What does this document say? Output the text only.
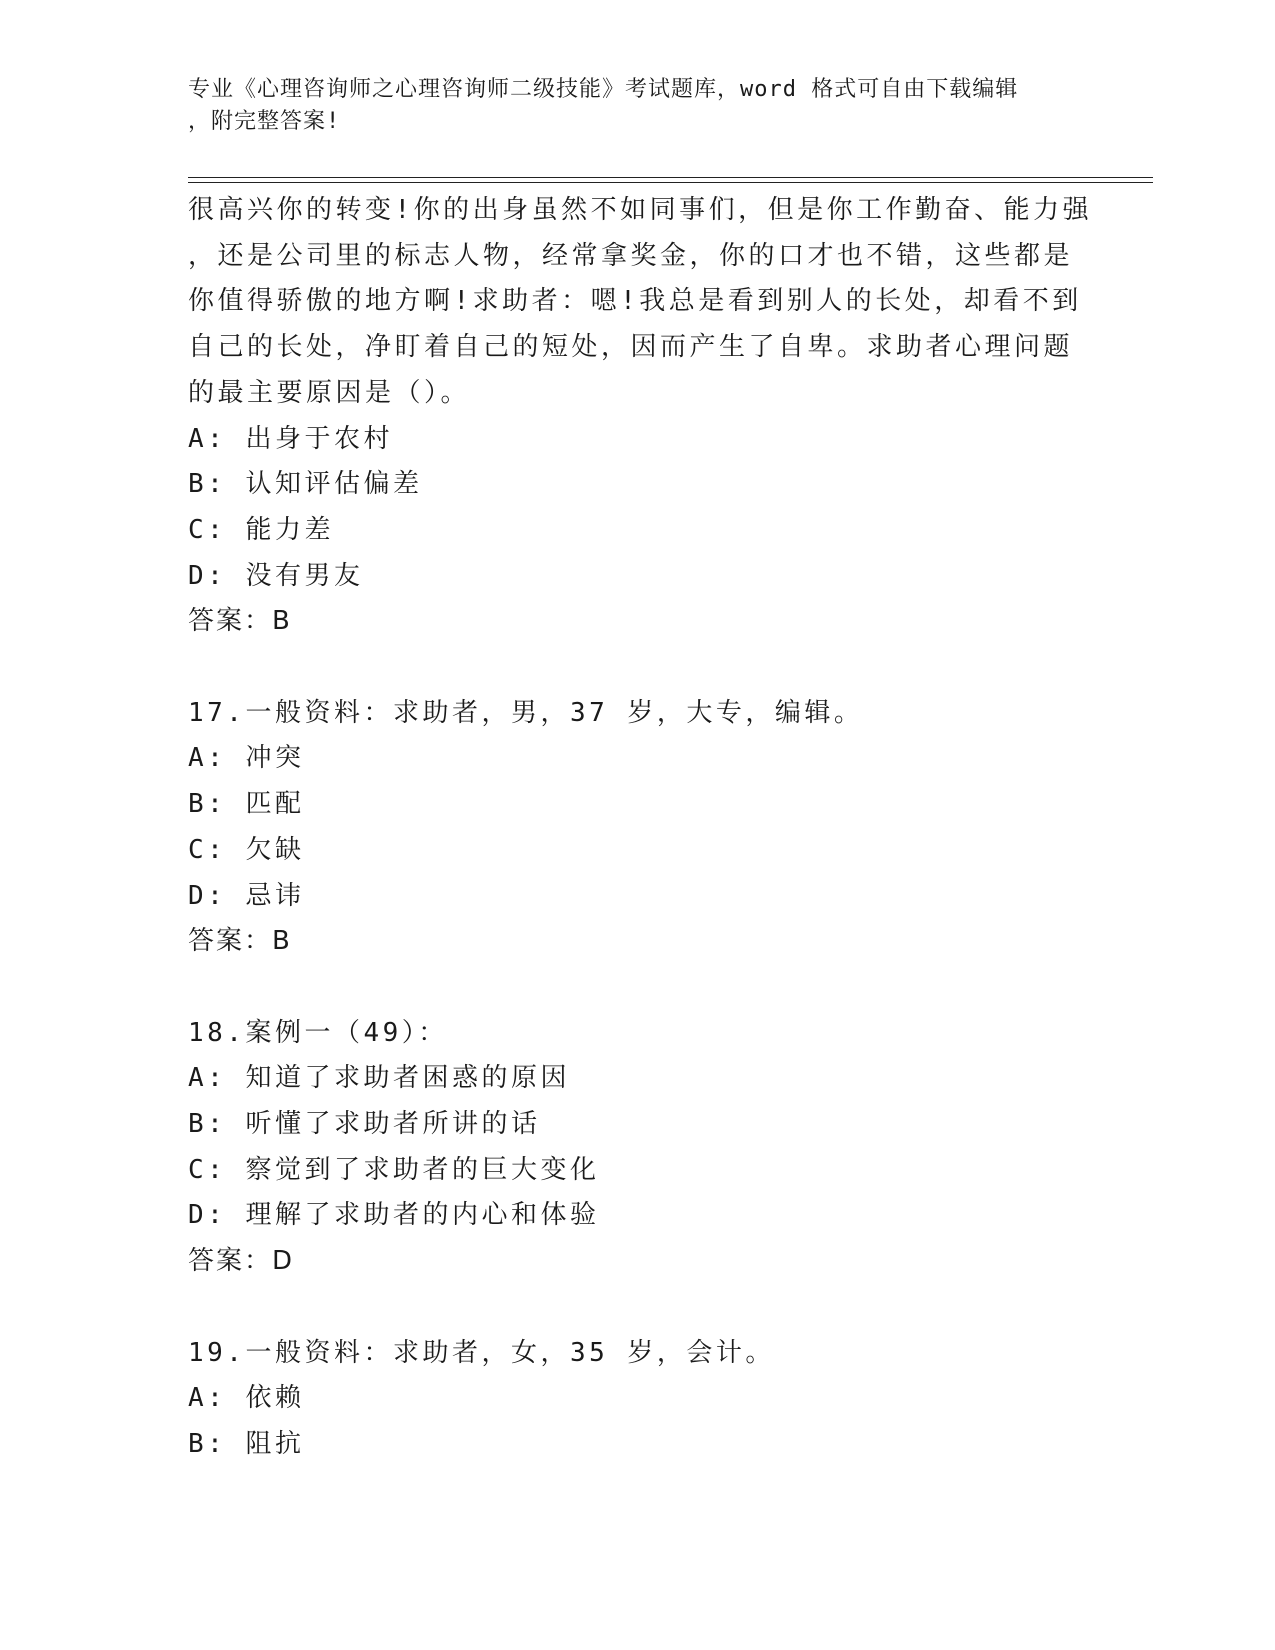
专业《心理咨询师之心理咨询师二级技能》考试题库，word 格式可自由下载编辑
，附完整答案!
很高兴你的转变!你的出身虽然不如同事们，但是你工作勤奋、能力强
，还是公司里的标志人物，经常拿奖金，你的口才也不错，这些都是
你值得骄傲的地方啊!求助者：嗯!我总是看到别人的长处，却看不到
自己的长处，净盯着自己的短处，因而产生了自卑。求助者心理问题
的最主要原因是（）。
A: 出身于农村
B: 认知评估偏差
C: 能力差
D: 没有男友
答案：B
17.一般资料：求助者，男，37 岁，大专，编辑。
A: 冲突
B: 匹配
C: 欠缺
D: 忌讳
答案：B
18.案例一（49）：
A: 知道了求助者困惑的原因
B: 听懂了求助者所讲的话
C: 察觉到了求助者的巨大变化
D: 理解了求助者的内心和体验
答案：D
19.一般资料：求助者，女，35 岁，会计。
A: 依赖
B: 阻抗
